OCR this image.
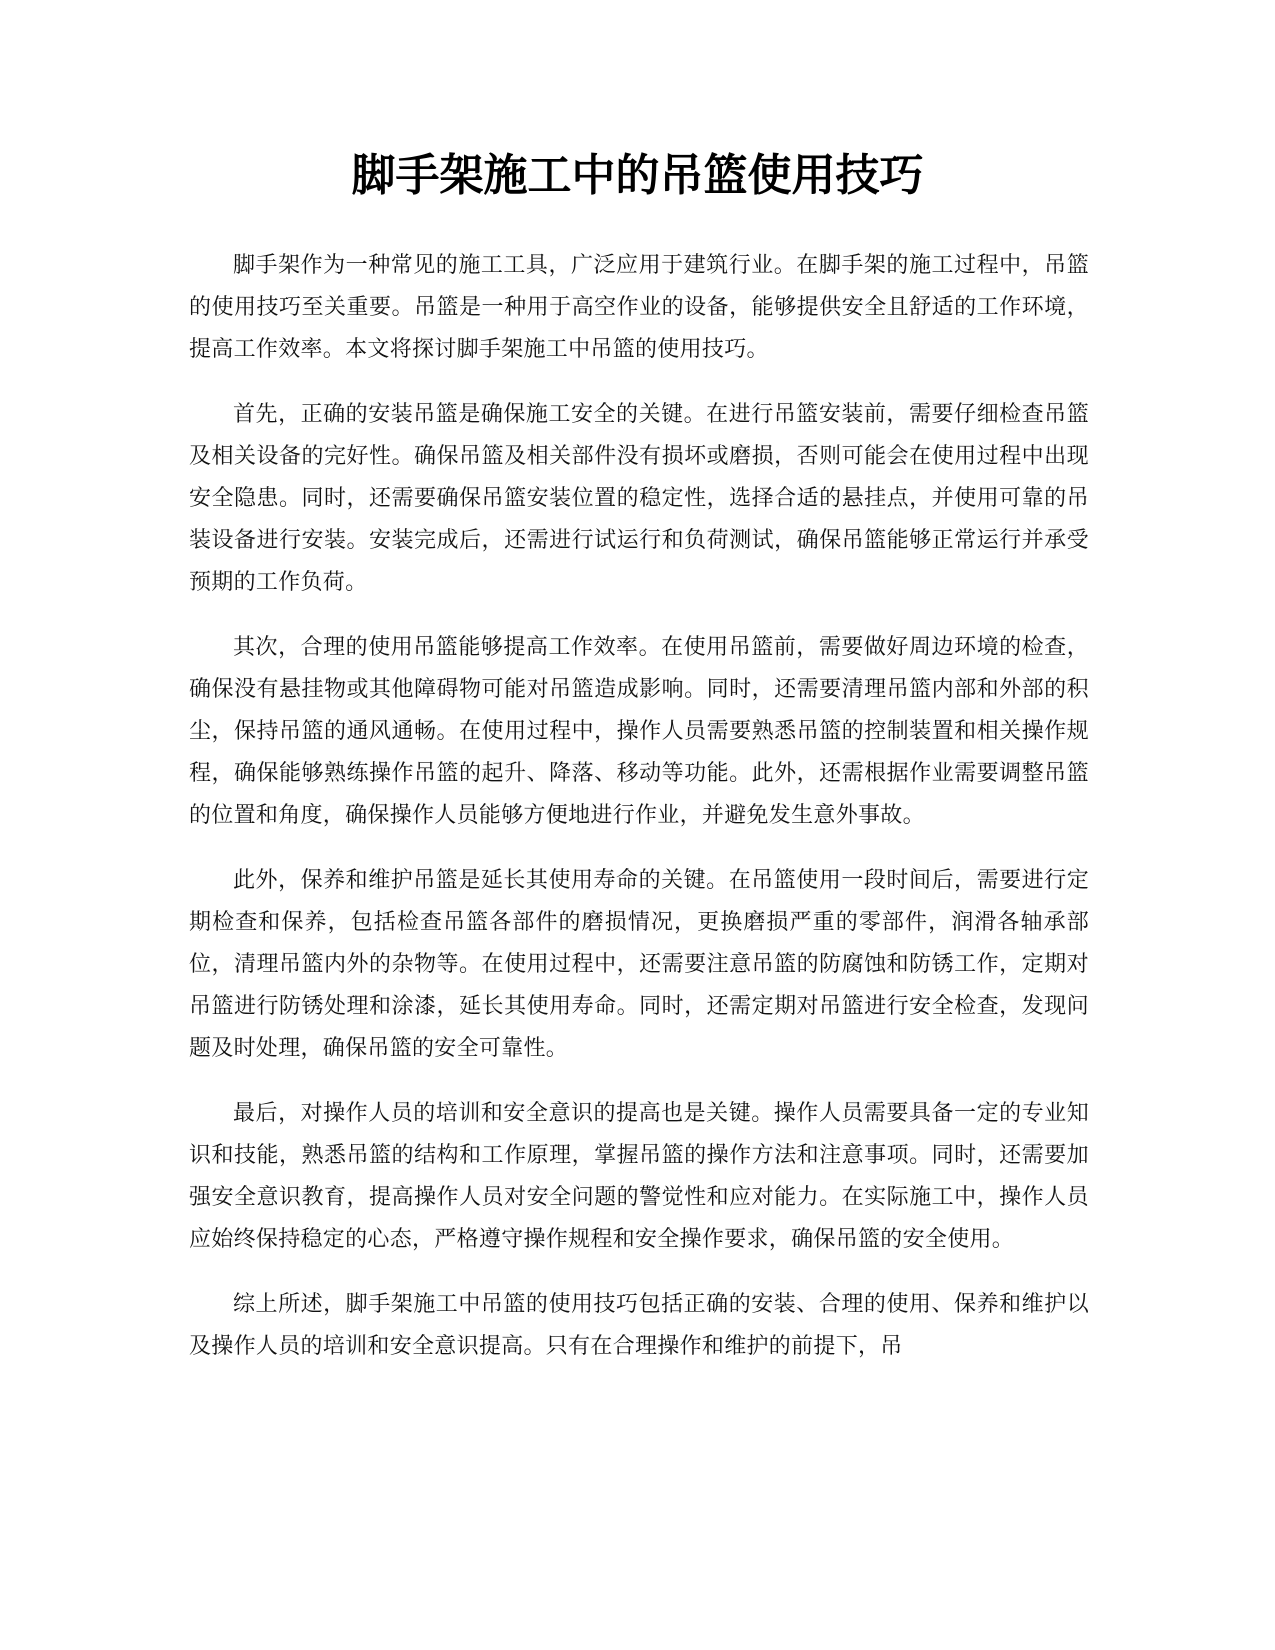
脚手架施工中的吊篮使用技巧

脚手架作为一种常见的施工工具，广泛应用于建筑行业。在脚手架的施工过程中，吊篮的使用技巧至关重要。吊篮是一种用于高空作业的设备，能够提供安全且舒适的工作环境，提高工作效率。本文将探讨脚手架施工中吊篮的使用技巧。

首先，正确的安装吊篮是确保施工安全的关键。在进行吊篮安装前，需要仔细检查吊篮及相关设备的完好性。确保吊篮及相关部件没有损坏或磨损，否则可能会在使用过程中出现安全隐患。同时，还需要确保吊篮安装位置的稳定性，选择合适的悬挂点，并使用可靠的吊装设备进行安装。安装完成后，还需进行试运行和负荷测试，确保吊篮能够正常运行并承受预期的工作负荷。

其次，合理的使用吊篮能够提高工作效率。在使用吊篮前，需要做好周边环境的检查，确保没有悬挂物或其他障碍物可能对吊篮造成影响。同时，还需要清理吊篮内部和外部的积尘，保持吊篮的通风通畅。在使用过程中，操作人员需要熟悉吊篮的控制装置和相关操作规程，确保能够熟练操作吊篮的起升、降落、移动等功能。此外，还需根据作业需要调整吊篮的位置和角度，确保操作人员能够方便地进行作业，并避免发生意外事故。

此外，保养和维护吊篮是延长其使用寿命的关键。在吊篮使用一段时间后，需要进行定期检查和保养，包括检查吊篮各部件的磨损情况，更换磨损严重的零部件，润滑各轴承部位，清理吊篮内外的杂物等。在使用过程中，还需要注意吊篮的防腐蚀和防锈工作，定期对吊篮进行防锈处理和涂漆，延长其使用寿命。同时，还需定期对吊篮进行安全检查，发现问题及时处理，确保吊篮的安全可靠性。

最后，对操作人员的培训和安全意识的提高也是关键。操作人员需要具备一定的专业知识和技能，熟悉吊篮的结构和工作原理，掌握吊篮的操作方法和注意事项。同时，还需要加强安全意识教育，提高操作人员对安全问题的警觉性和应对能力。在实际施工中，操作人员应始终保持稳定的心态，严格遵守操作规程和安全操作要求，确保吊篮的安全使用。

综上所述，脚手架施工中吊篮的使用技巧包括正确的安装、合理的使用、保养和维护以及操作人员的培训和安全意识提高。只有在合理操作和维护的前提下，吊
